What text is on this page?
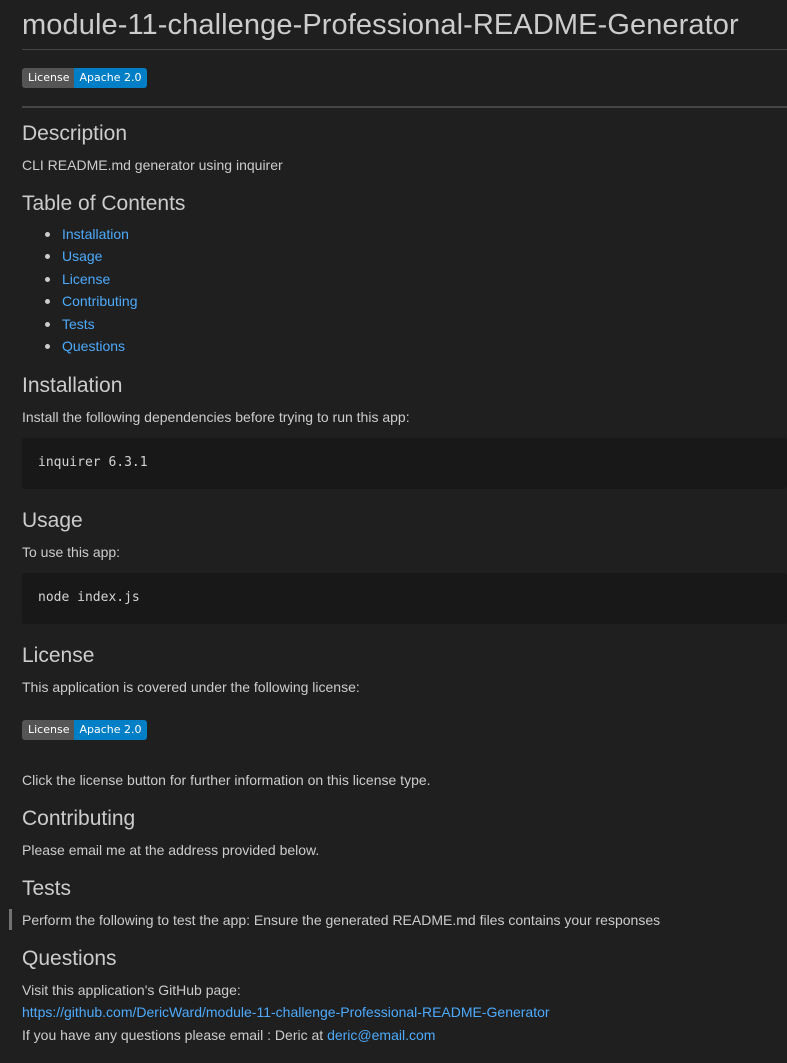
module-11-challenge-Professional-README-Generator
License Apache 2.0
Description

CLI README.md generator using inquirer

Table of Contents
Installation
Usage
License
Contributing
Tests
Questions
Installation

Install the following dependencies before trying to run this app:

inquirer 6.3.1
Usage

To use this app:

node index.js
License

This application is covered under the following license:

License Apache 2.0

Click the license button for further information on this license type.

Contributing

Please email me at the address provided below.

Tests

Perform the following to test the app: Ensure the generated README.md files contains your responses

Questions

Visit this application's GitHub page:

https://github.com/DericWard/module-11-challenge-Professional-README-Generator

If you have any questions please email : Deric at deric@email.com
